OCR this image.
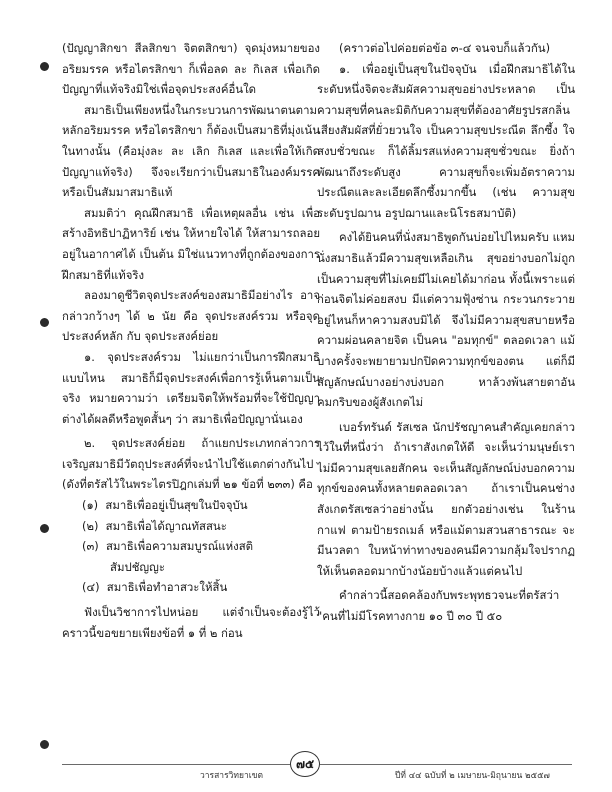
(ปัญญาสิกขา สีลสิกขา จิตตสิกขา) จุดมุ่งหมายของอริยมรรค หรือไตรสิกขา ก็เพื่อลด ละ กิเลส เพื่อเกิดปัญญาที่แท้จริงมิใช่เพื่อจุดประสงค์อื่นใด

สมาธิเป็นเพียงหนึ่งในกระบวนการพัฒนาตนตามหลักอริยมรรค หรือไตรสิกขา ก็ต้องเป็นสมาธิที่มุ่งเน้นในทางนั้น (คือมุ่งละ ละ เลิก กิเลส และเพื่อให้เกิดปัญญาแท้จริง) จึงจะเรียกว่าเป็นสมาธิในองค์มรรค หรือเป็นสัมมาสมาธิแท้

สมมติว่า คุณฝึกสมาธิ เพื่อเหตุผลอื่น เช่น เพื่อสร้างอิทธิปาฏิหาริย์ เช่น ให้หายใจได้ ให้สามารถลอยอยู่ในอากาศได้ เป็นต้น มิใช่แนวทางที่ถูกต้องของการฝึกสมาธิที่แท้จริง

ลองมาดูชีวิตจุดประสงค์ของสมาธิมีอย่างไร อาจกล่าวกว้างๆ ได้ ๒ นัย คือ จุดประสงค์รวม หรือจุดประสงค์หลัก กับ จุดประสงค์ย่อย

๑. จุดประสงค์รวม ไม่แยกว่าเป็นการฝึกสมาธิแบบไหน สมาธิก็มีจุดประสงค์เพื่อการรู้เห็นตามเป็นจริง หมายความว่า เตรียมจิตให้พร้อมที่จะใช้ปัญญาต่างได้ผลดีหรือพูดสั้นๆ ว่า สมาธิเพื่อปัญญานั่นเอง

๒. จุดประสงค์ย่อย ถ้าแยกประเภทกล่าวการเจริญสมาธิมีวัตถุประสงค์ที่จะนำไปใช้แตกต่างกันไป (ดังที่ตรัสไว้ในพระไตรปิฎกเล่มที่ ๒๑ ข้อที่ ๒๓๓) คือ

(๑) สมาธิเพื่ออยู่เป็นสุขในปัจจุบัน

(๒) สมาธิเพื่อได้ญาณทัสสนะ

(๓) สมาธิเพื่อความสมบูรณ์แห่งสติ

สัมปชัญญะ

(๔) สมาธิเพื่อทำอาสวะให้สิ้น

ฟังเป็นวิชาการไปหน่อย แต่จำเป็นจะต้องรู้ไว้ คราวนี้ขอขยายเพียงข้อที่ ๑ ที่ ๒ ก่อน

(คราวต่อไปค่อยต่อข้อ ๓-๔ จนจบก็แล้วกัน)

๑. เพื่ออยู่เป็นสุขในปัจจุบัน เมื่อฝึกสมาธิได้ในระดับหนึ่งจิตจะสัมผัสความสุขอย่างประหลาด เป็นความสุขที่คนละมิติกับความสุขที่ต้องอาศัยรูปรสกลิ่นเสียงสัมผัสที่ยั่วยวนใจ เป็นความสุขประณีต ลึกซึ้ง ใจสงบชั่วขณะ ก็ได้ลิ้มรสแห่งความสุขชั่วขณะ ยิ่งถ้าพัฒนาถึงระดับสูง ความสุขก็จะเพิ่มอัตราความประณีตและละเอียดลึกซึ้งมากขึ้น (เช่น ความสุขระดับรูปฌาน อรูปฌานและนิโรธสมาบัติ)

คงได้ยินคนที่นั่งสมาธิพูดกันบ่อยไปไหมครับ แหม นั่งสมาธิแล้วมีความสุขเหลือเกิน สุขอย่างบอกไม่ถูก เป็นความสุขที่ไม่เคยมีไม่เคยได้มาก่อน ทั้งนี้เพราะแต่ก่อนจิตไม่ค่อยสงบ มีแต่ความฟุ้งซ่าน กระวนกระวาย อยู่ไหนก็หาความสงบมิได้ จึงไม่มีความสุขสบายหรือความผ่อนคลายจิต เป็นคน "อมทุกข์" ตลอดเวลา แม้บางครั้งจะพยายามปกปิดความทุกข์ของตน แต่ก็มีสัญลักษณ์บางอย่างบ่งบอก หาล้วงพ้นสายตาอันคมกริบของผู้สังเกตไม่

เบอร์ทรันด์ รัสเซล นักปรัชญาคนสำคัญเคยกล่าวไว้ในที่หนึ่งว่า ถ้าเราสังเกตให้ดี จะเห็นว่ามนุษย์เราไม่มีความสุขเลยสักคน จะเห็นสัญลักษณ์บ่งบอกความทุกข์ของคนทั้งหลายตลอดเวลา ถ้าเราเป็นคนช่างสังเกตรัสเซลว่าอย่างนั้น ยกตัวอย่างเช่น ในร้านกาแฟ ตามป้ายรถเมล์ หรือแม้ตามสวนสาธารณะ จะมีนวลตา ใบหน้าท่าทางของคนมีความกลุ้มใจปรากฏให้เห็นตลอดมากบ้างน้อยบ้างแล้วแต่คนไป

คำกล่าวนี้สอดคล้องกับพระพุทธวจนะที่ตรัสว่า "คนที่ไม่มีโรคทางกาย ๑๐ ปี ๓๐ ปี ๕๐

๗๕
วารสารวิทยาเขต	ปีที่ ๔๔ ฉบับที่ ๒ เมษายน-มิถุนายน ๒๕๕๗
